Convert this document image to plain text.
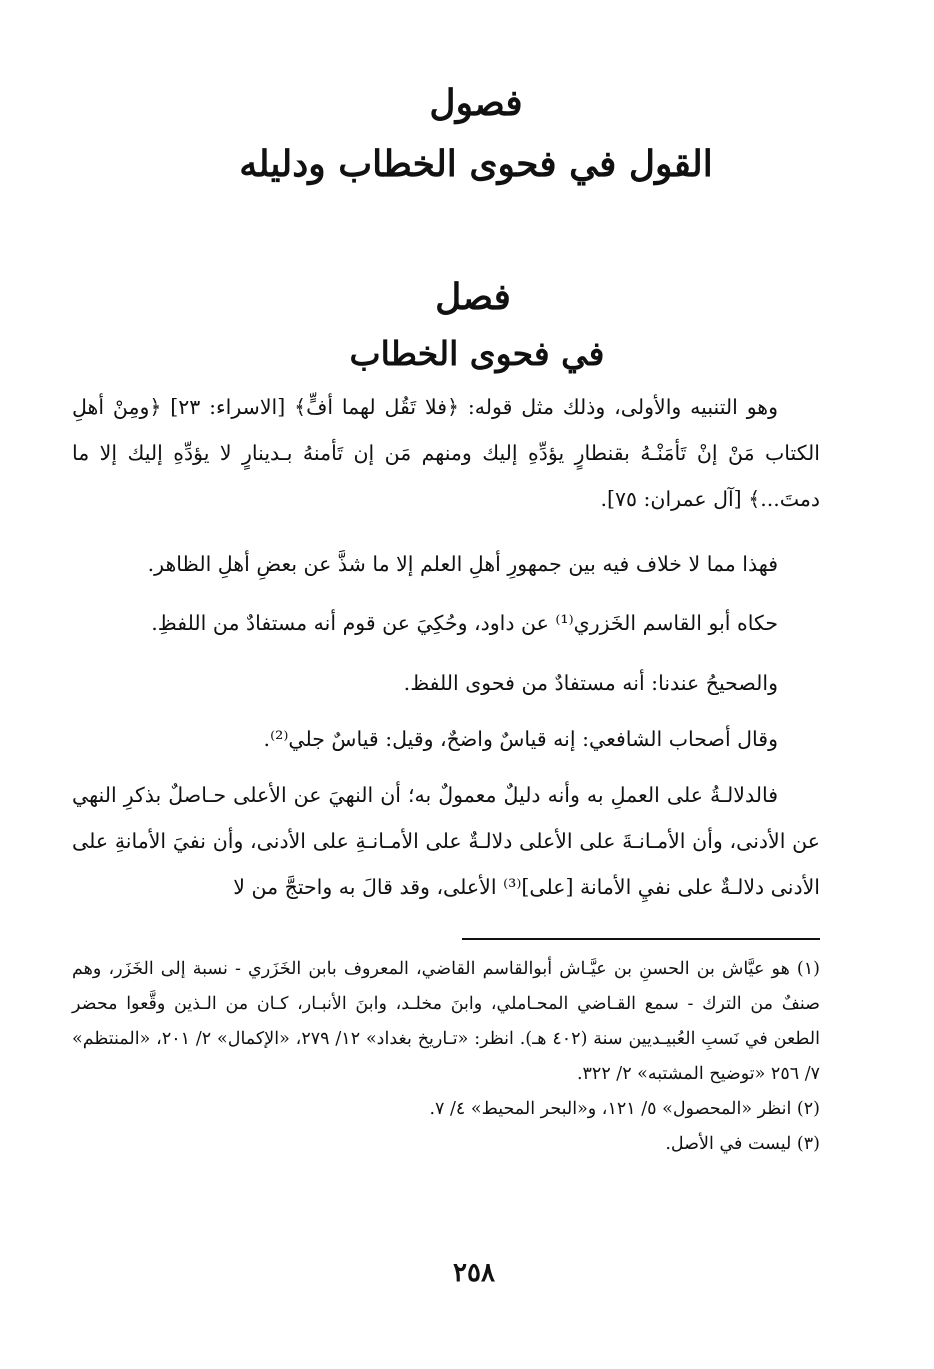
فصول
القول في فحوى الخطاب ودليله
فصل
في فحوى الخطاب
وهو التنبيه والأولى، وذلك مثل قوله: ﴿فلا تَقُل لهما أفٍّ﴾ [الاسراء: ٢٣] ﴿ومِنْ أهلِ الكتاب مَنْ إنْ تَأمَنْـهُ بقنطارٍ يؤدِّهِ إليك ومنهم مَن إن تَأمنهُ بـدينارٍ لا يؤدِّهِ إليك إلا ما دمتَ...﴾ [آل عمران: ٧٥].
فهذا مما لا خلاف فيه بين جمهورِ أهلِ العلم إلا ما شذَّ عن بعضِ أهلِ الظاهر.
حكاه أبو القاسم الخَزري⁽¹⁾ عن داود، وحُكِيَ عن قوم أنه مستفادٌ من اللفظِ.
والصحيحُ عندنا: أنه مستفادٌ من فحوى اللفظ.
وقال أصحاب الشافعي: إنه قياسٌ واضحٌ، وقيل: قياسٌ جلي⁽²⁾.
فالدلالـةُ على العملِ به وأنه دليلٌ معمولٌ به؛ أن النهيَ عن الأعلى حـاصلٌ بذكرِ النهي عن الأدنى، وأن الأمـانـةَ على الأعلى دلالـةٌ على الأمـانـةِ على الأدنى، وأن نفيَ الأمانةِ على الأدنى دلالـةٌ على نفيِ الأمانة [على]⁽³⁾ الأعلى، وقد قالَ به واحتجَّ من لا

(١) هو عيَّاش بن الحسنِ بن عيَّـاش أبوالقاسم القاضي، المعروف بابن الخَزَري - نسبة إلى الخَزَر، وهم صنفٌ من الترك - سمع القـاضي المحـاملي، وابنَ مخلـد، وابنَ الأنبـار، كـان من الـذين وقَّعوا محضر الطعن في نَسبِ العُبيـديين سنة (٤٠٢ هـ). انظر: «تـاريخ بغداد» ١٢/ ٢٧٩، «الإكمال» ٢/ ٢٠١، «المنتظم» ٧/ ٢٥٦ «توضيح المشتبه» ٢/ ٣٢٢.

(٢) انظر «المحصول» ٥/ ١٢١، و«البحر المحيط» ٤/ ٧.

(٣) ليست في الأصل.

٢٥٨
